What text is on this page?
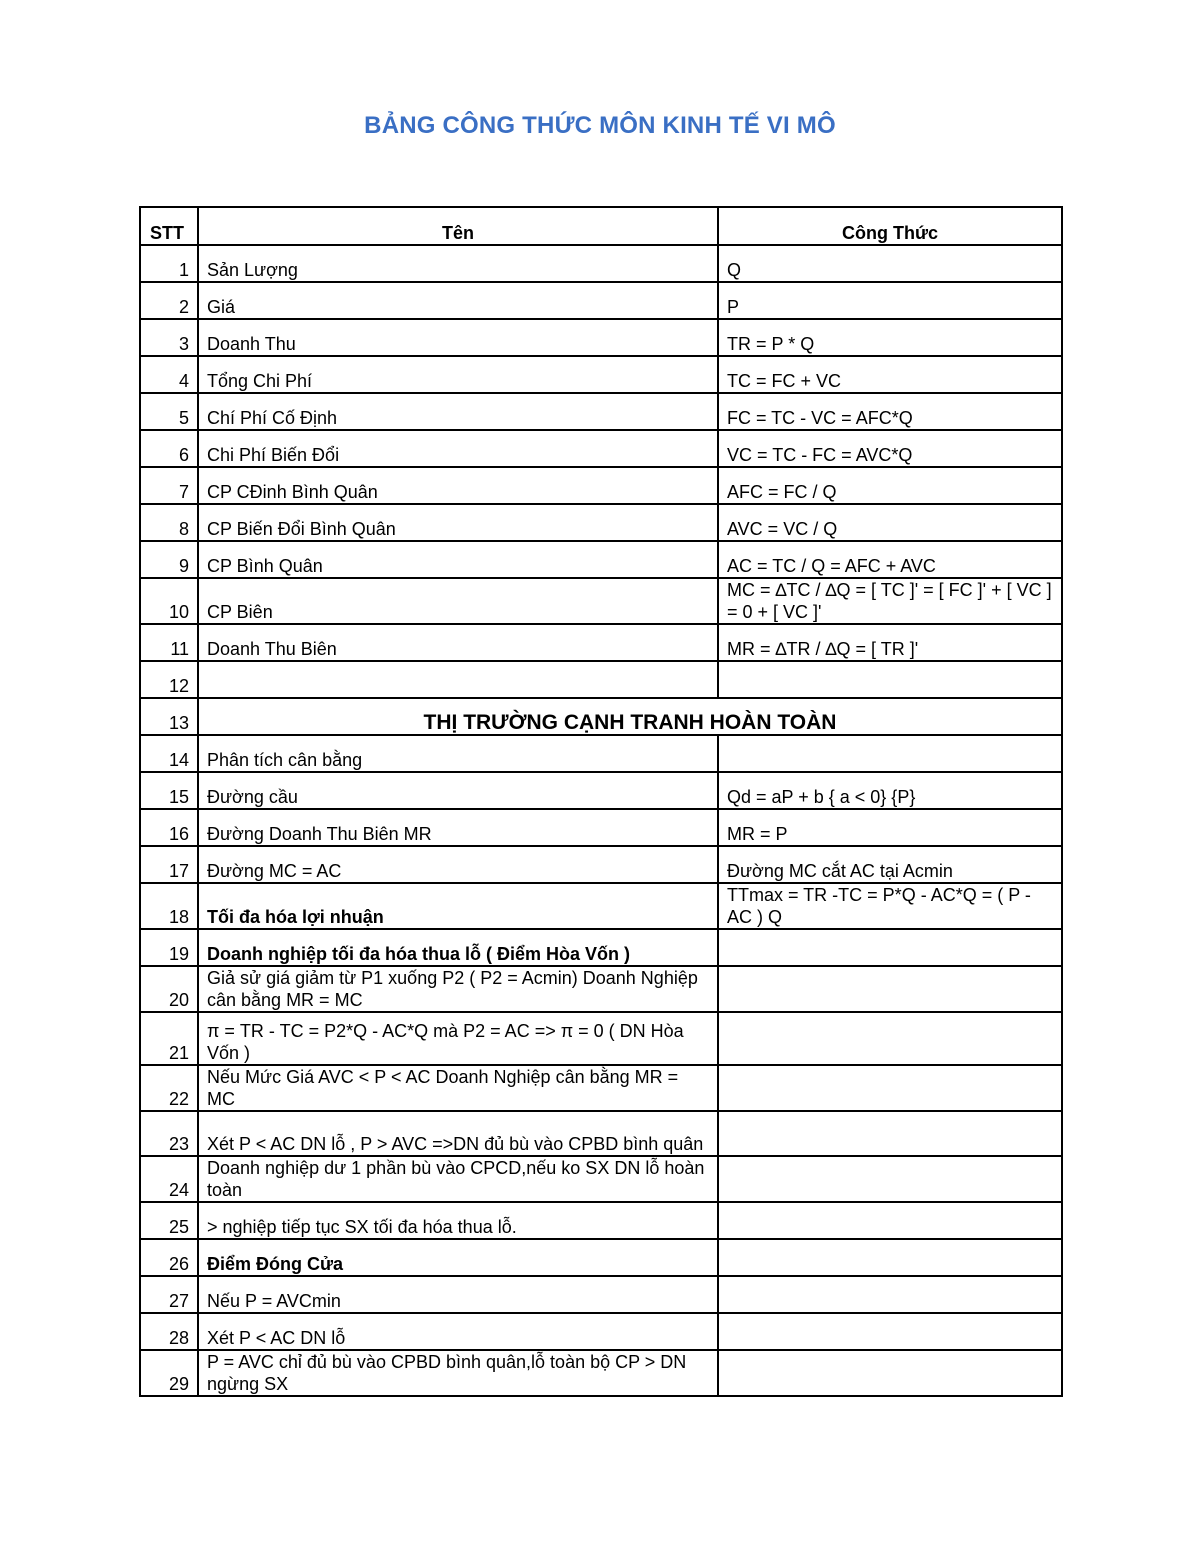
BẢNG CÔNG THỨC MÔN KINH TẾ VI MÔ
STT	Tên	Công Thức
1	Sản Lượng	Q
2	Giá	P
3	Doanh Thu	TR = P * Q
4	Tổng Chi Phí	TC = FC + VC
5	Chí Phí Cố Định	FC = TC - VC = AFC*Q
6	Chi Phí Biến Đổi	VC = TC - FC = AVC*Q
7	CP CĐinh Bình Quân	AFC = FC / Q
8	CP Biến Đổi Bình Quân	AVC = VC / Q
9	CP Bình Quân	AC = TC / Q = AFC + AVC
10	CP Biên	MC = ∆TC / ∆Q = [ TC ]' = [ FC ]' + [ VC ] = 0 + [ VC ]'
11	Doanh Thu Biên	MR = ∆TR / ∆Q = [ TR ]'
12		
13	THỊ TRƯỜNG CẠNH TRANH HOÀN TOÀN	
14	Phân tích cân bằng	
15	Đường cầu	Qd = aP + b { a < 0} {P}
16	Đường Doanh Thu Biên MR	MR = P
17	Đường MC = AC	Đường MC cắt AC tại Acmin
18	Tối đa hóa lợi nhuận	TTmax = TR -TC = P*Q - AC*Q = ( P - AC ) Q
19	Doanh nghiệp tối đa hóa thua lỗ ( Điểm Hòa Vốn )	
20	Giả sử giá giảm từ P1 xuống P2 ( P2 = Acmin) Doanh Nghiệp cân bằng MR = MC	
21	π = TR - TC = P2*Q - AC*Q mà P2 = AC => π = 0 ( DN Hòa Vốn )	
22	Nếu Mức Giá AVC < P < AC Doanh Nghiệp cân bằng MR = MC	
23	Xét P < AC DN lỗ , P > AVC =>DN đủ bù vào CPBD bình quân	
24	Doanh nghiệp dư 1 phần bù vào CPCD,nếu ko SX DN lỗ hoàn toàn	
25	> nghiệp tiếp tục SX tối đa hóa thua lỗ.	
26	Điểm Đóng Cửa	
27	Nếu P = AVCmin	
28	Xét P < AC DN lỗ	
29	P = AVC chỉ đủ bù vào CPBD bình quân,lỗ toàn bộ CP > DN ngừng SX	
